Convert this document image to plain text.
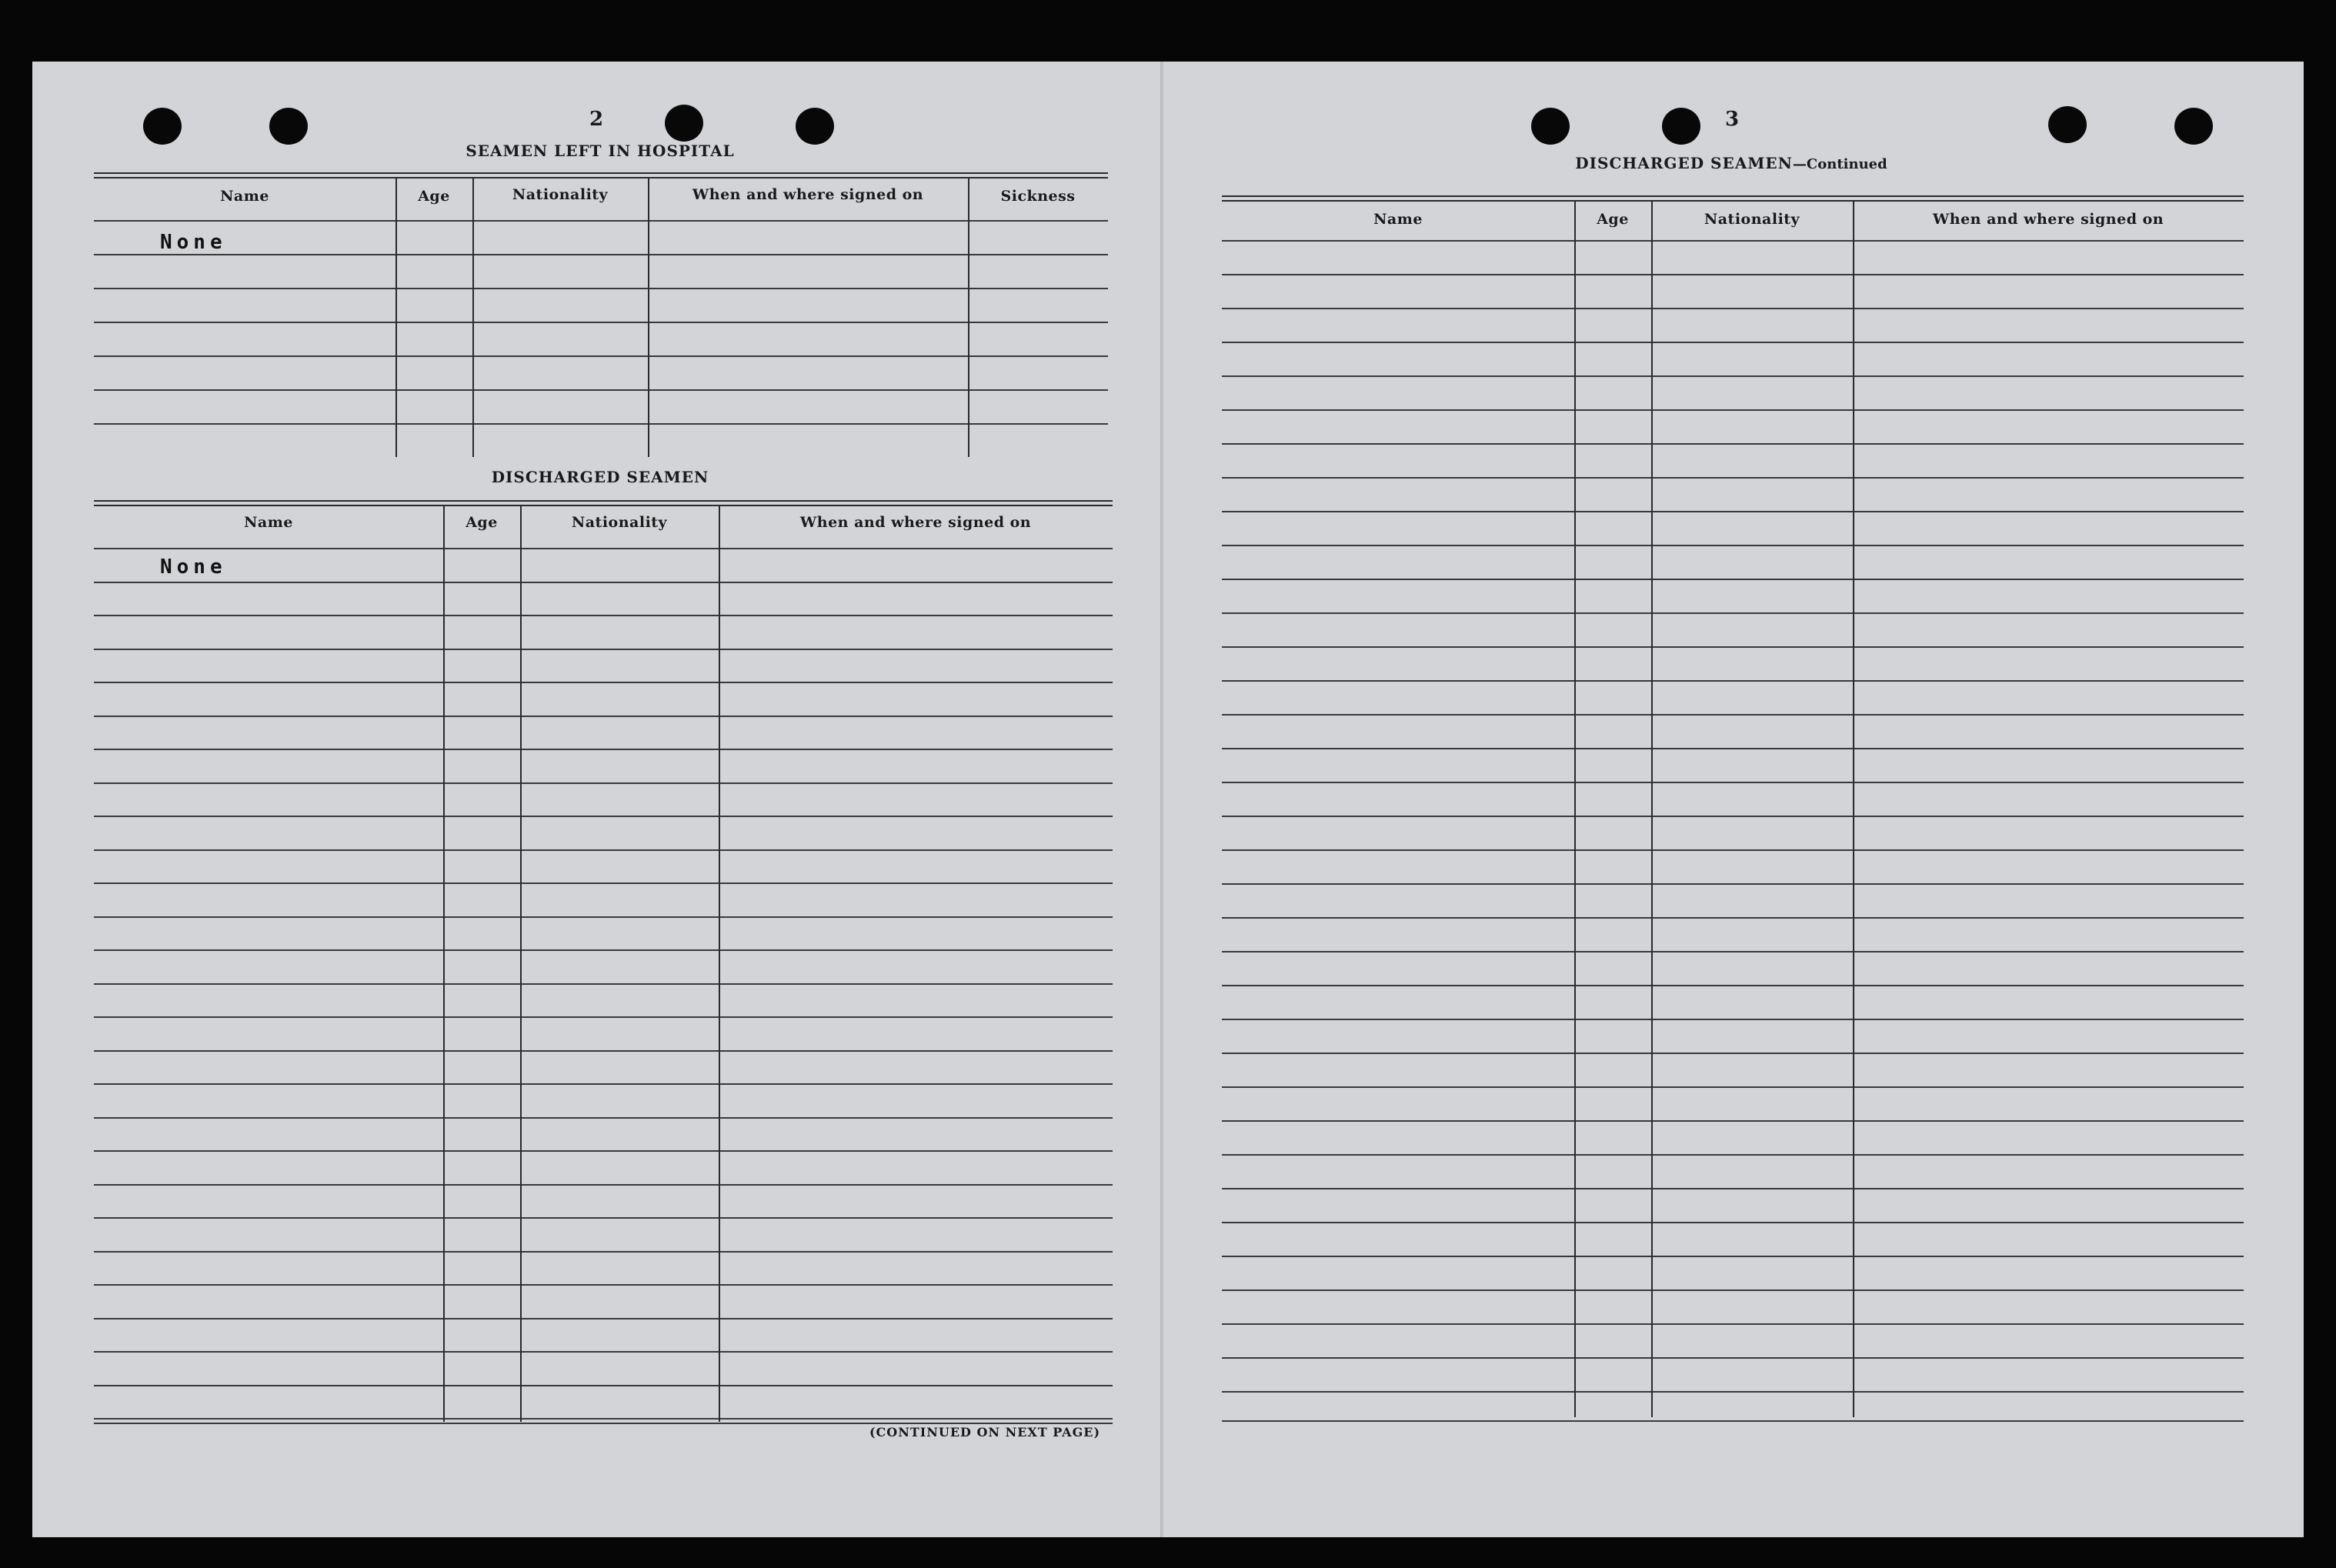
2
SEAMEN LEFT IN HOSPITAL
Name	Age	Nationality	When and where signed on	Sickness
None
DISCHARGED SEAMEN
Name	Age	Nationality	When and where signed on
None
(CONTINUED ON NEXT PAGE)
3
DISCHARGED SEAMEN—Continued
Name	Age	Nationality	When and where signed on
